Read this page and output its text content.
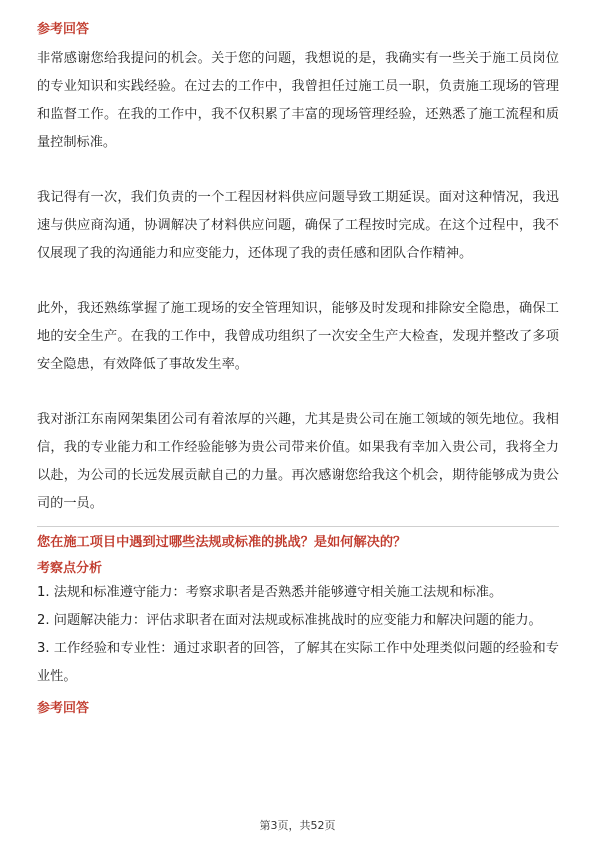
参考回答

非常感谢您给我提问的机会。关于您的问题，我想说的是，我确实有一些关于施工员岗位的专业知识和实践经验。在过去的工作中，我曾担任过施工员一职，负责施工现场的管理和监督工作。在我的工作中，我不仅积累了丰富的现场管理经验，还熟悉了施工流程和质量控制标准。

我记得有一次，我们负责的一个工程因材料供应问题导致工期延误。面对这种情况，我迅速与供应商沟通，协调解决了材料供应问题，确保了工程按时完成。在这个过程中，我不仅展现了我的沟通能力和应变能力，还体现了我的责任感和团队合作精神。

此外，我还熟练掌握了施工现场的安全管理知识，能够及时发现和排除安全隐患，确保工地的安全生产。在我的工作中，我曾成功组织了一次安全生产大检查，发现并整改了多项安全隐患，有效降低了事故发生率。

我对浙江东南网架集团公司有着浓厚的兴趣，尤其是贵公司在施工领域的领先地位。我相信，我的专业能力和工作经验能够为贵公司带来价值。如果我有幸加入贵公司，我将全力以赴，为公司的长远发展贡献自己的力量。再次感谢您给我这个机会，期待能够成为贵公司的一员。

您在施工项目中遇到过哪些法规或标准的挑战？是如何解决的？
考察点分析

1. 法规和标准遵守能力：考察求职者是否熟悉并能够遵守相关施工法规和标准。

2. 问题解决能力：评估求职者在面对法规或标准挑战时的应变能力和解决问题的能力。

3. 工作经验和专业性：通过求职者的回答，了解其在实际工作中处理类似问题的经验和专业性。

参考回答
第3页，共52页
